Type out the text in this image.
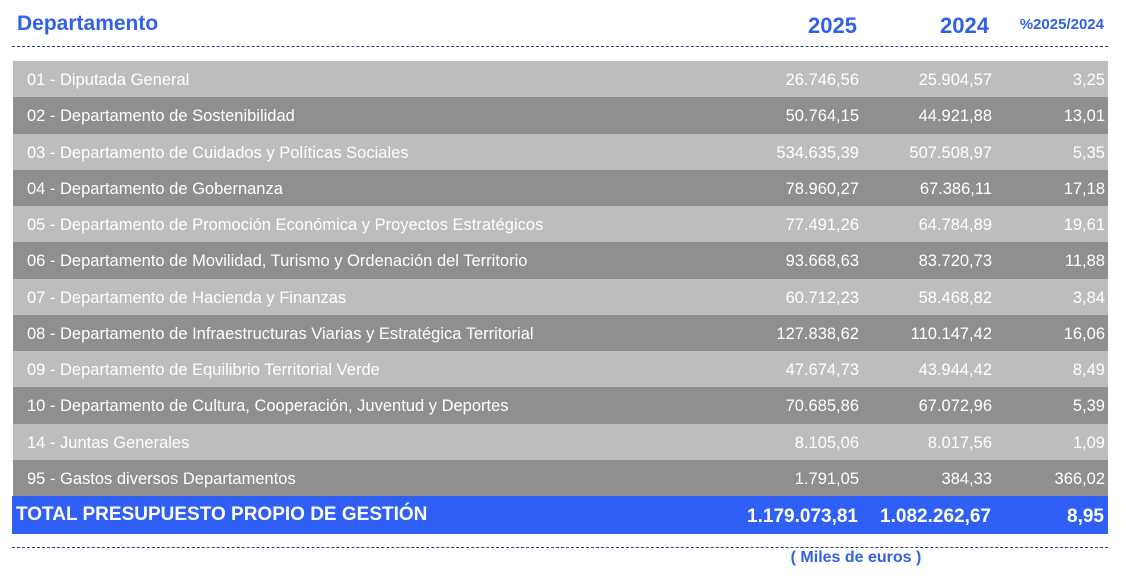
Departamento	2025	2024	%2025/2024
01 - Diputada General	26.746,56	25.904,57	3,25
02 - Departamento de Sostenibilidad	50.764,15	44.921,88	13,01
03 - Departamento de Cuidados y Políticas Sociales	534.635,39	507.508,97	5,35
04 - Departamento de Gobernanza	78.960,27	67.386,11	17,18
05 - Departamento de Promoción Económica y Proyectos Estratégicos	77.491,26	64.784,89	19,61
06 - Departamento de Movilidad, Turismo y Ordenación del Territorio	93.668,63	83.720,73	11,88
07 - Departamento de Hacienda y Finanzas	60.712,23	58.468,82	3,84
08 - Departamento de Infraestructuras Viarias y Estratégica Territorial	127.838,62	110.147,42	16,06
09 - Departamento de Equilibrio Territorial Verde	47.674,73	43.944,42	8,49
10 - Departamento de Cultura, Cooperación, Juventud y Deportes	70.685,86	67.072,96	5,39
14 - Juntas Generales	8.105,06	8.017,56	1,09
95 - Gastos diversos Departamentos	1.791,05	384,33	366,02
TOTAL PRESUPUESTO PROPIO DE GESTIÓN	1.179.073,81 1.082.262,67	8,95
( Miles de euros )
